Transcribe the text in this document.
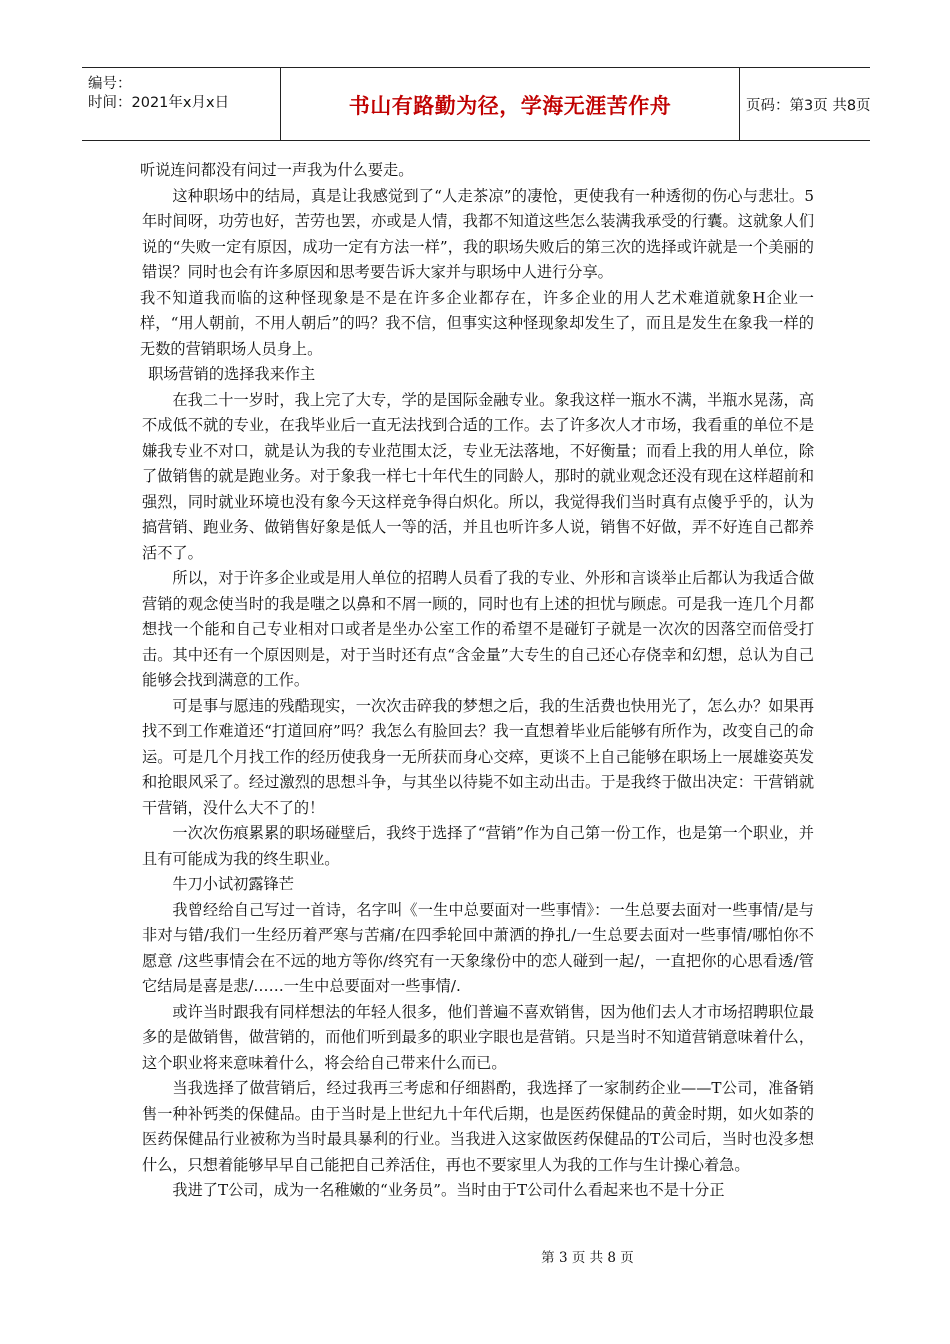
编号：
时间：2021年x月x日	书山有路勤为径，学海无涯苦作舟	页码：第3页 共8页

听说连问都没有问过一声我为什么要走。

这种职场中的结局，真是让我感觉到了“人走茶凉”的凄怆，更使我有一种透彻的伤心与悲壮。5年时间呀，功劳也好，苦劳也罢，亦或是人情，我都不知道这些怎么装满我承受的行囊。这就象人们说的“失败一定有原因，成功一定有方法一样”，我的职场失败后的第三次的选择或许就是一个美丽的错误？同时也会有许多原因和思考要告诉大家并与职场中人进行分享。

我不知道我而临的这种怪现象是不是在许多企业都存在，许多企业的用人艺术难道就象H企业一样，“用人朝前，不用人朝后”的吗？我不信，但事实这种怪现象却发生了，而且是发生在象我一样的无数的营销职场人员身上。

职场营销的选择我来作主

在我二十一岁时，我上完了大专，学的是国际金融专业。象我这样一瓶水不满，半瓶水晃荡，高不成低不就的专业，在我毕业后一直无法找到合适的工作。去了许多次人才市场，我看重的单位不是嫌我专业不对口，就是认为我的专业范围太泛，专业无法落地，不好衡量；而看上我的用人单位，除了做销售的就是跑业务。对于象我一样七十年代生的同龄人，那时的就业观念还没有现在这样超前和强烈，同时就业环境也没有象今天这样竞争得白炽化。所以，我觉得我们当时真有点傻乎乎的，认为搞营销、跑业务、做销售好象是低人一等的活，并且也听许多人说，销售不好做，弄不好连自己都养活不了。

所以，对于许多企业或是用人单位的招聘人员看了我的专业、外形和言谈举止后都认为我适合做营销的观念使当时的我是嗤之以鼻和不屑一顾的，同时也有上述的担忧与顾虑。可是我一连几个月都想找一个能和自己专业相对口或者是坐办公室工作的希望不是碰钉子就是一次次的因落空而倍受打击。其中还有一个原因则是，对于当时还有点“含金量”大专生的自己还心存侥幸和幻想，总认为自己能够会找到满意的工作。

可是事与愿违的残酷现实，一次次击碎我的梦想之后，我的生活费也快用光了，怎么办？如果再找不到工作难道还“打道回府”吗？我怎么有脸回去？我一直想着毕业后能够有所作为，改变自己的命运。可是几个月找工作的经历使我身一无所获而身心交瘁，更谈不上自己能够在职场上一展雄姿英发和抢眼风采了。经过激烈的思想斗争，与其坐以待毙不如主动出击。于是我终于做出决定：干营销就干营销，没什么大不了的！

一次次伤痕累累的职场碰壁后，我终于选择了“营销”作为自己第一份工作，也是第一个职业，并且有可能成为我的终生职业。

牛刀小试初露锋芒

我曾经给自己写过一首诗，名字叫《一生中总要面对一些事情》：一生总要去面对一些事情/是与非对与错/我们一生经历着严寒与苦痛/在四季轮回中萧洒的挣扎/一生总要去面对一些事情/哪怕你不愿意 /这些事情会在不远的地方等你/终究有一天象缘份中的恋人碰到一起/，一直把你的心思看透/管它结局是喜是悲/……一生中总要面对一些事情/.

或许当时跟我有同样想法的年轻人很多，他们普遍不喜欢销售，因为他们去人才市场招聘职位最多的是做销售，做营销的，而他们听到最多的职业字眼也是营销。只是当时不知道营销意味着什么，这个职业将来意味着什么，将会给自己带来什么而已。

当我选择了做营销后，经过我再三考虑和仔细斟酌，我选择了一家制药企业——T公司，准备销售一种补钙类的保健品。由于当时是上世纪九十年代后期，也是医药保健品的黄金时期，如火如荼的医药保健品行业被称为当时最具暴利的行业。当我进入这家做医药保健品的T公司后，当时也没多想什么，只想着能够早早自己能把自己养活住，再也不要家里人为我的工作与生计操心着急。

我进了T公司，成为一名稚嫩的“业务员”。当时由于T公司什么看起来也不是十分正

第 3 页 共 8 页
